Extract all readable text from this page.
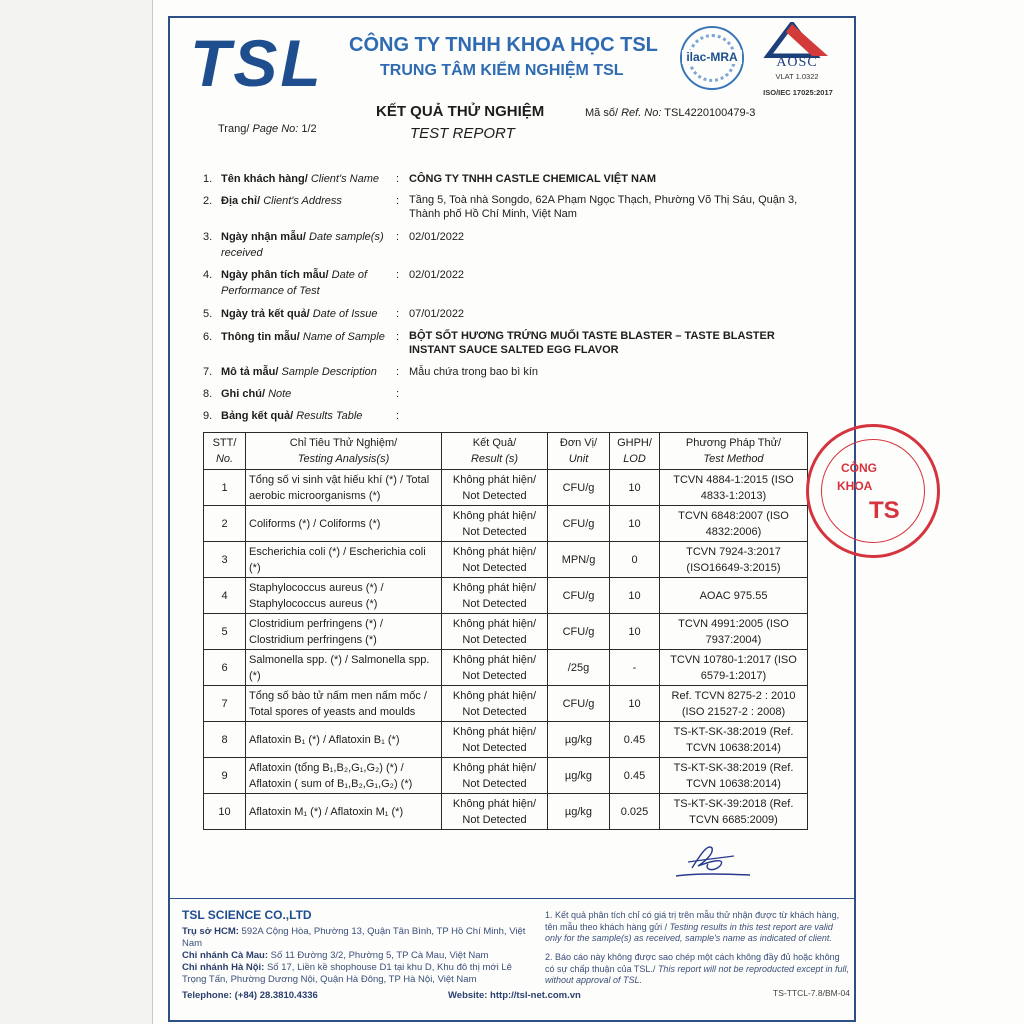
TSL CÔNG TY TNHH KHOA HỌC TSL
TRUNG TÂM KIỂM NGHIỆM TSL
ilac-MRA	AOSC
VLAT 1.0322
ISO/IEC 17025:2017
KẾT QUẢ THỬ NGHIỆM
TEST REPORT
Trang/ Page No: 1/2
Mã số/ Ref. No: TSL4220100479-3
1. Tên khách hàng/ Client's Name	: CÔNG TY TNHH CASTLE CHEMICAL VIỆT NAM
2. Địa chỉ/ Client's Address	: Tầng 5, Toà nhà Songdo, 62A Phạm Ngọc Thạch, Phường Võ Thị Sáu, Quận 3, Thành phố Hồ Chí Minh, Việt Nam
3. Ngày nhận mẫu/ Date sample(s) received
: 02/01/2022
4. Ngày phân tích mẫu/ Date of Performance of Test
: 02/01/2022
5. Ngày trả kết quả/ Date of Issue	: 07/01/2022
6. Thông tin mẫu/ Name of Sample	: BỘT SỐT HƯƠNG TRỨNG MUỐI TASTE BLASTER – TASTE BLASTER INSTANT SAUCE SALTED EGG FLAVOR
7. Mô tả mẫu/ Sample Description	: Mẫu chứa trong bao bì kín
8. Ghi chú/ Note	:
9. Bảng kết quả/ Results Table	:
STT/
No.	Chỉ Tiêu Thử Nghiệm/
Testing Analysis(s)	Kết Quả/
Result (s)	Đơn Vị/
Unit	GHPH/
LOD	Phương Pháp Thử/
Test Method
1	Tổng số vi sinh vật hiếu khí (*) / Total aerobic microorganisms (*)	Không phát hiện/
Not Detected	CFU/g	10	TCVN 4884-1:2015 (ISO 4833-1:2013)
2	Coliforms (*) / Coliforms (*)	Không phát hiện/
Not Detected	CFU/g	10	TCVN 6848:2007 (ISO 4832:2006)
3	Escherichia coli (*) / Escherichia coli (*)	Không phát hiện/
Not Detected	MPN/g	0	TCVN 7924-3:2017 (ISO16649-3:2015)
4	Staphylococcus aureus (*) / Staphylococcus aureus (*)	Không phát hiện/
Not Detected	CFU/g	10	AOAC 975.55
5	Clostridium perfringens (*) / Clostridium perfringens (*)	Không phát hiện/
Not Detected	CFU/g	10	TCVN 4991:2005 (ISO 7937:2004)
6	Salmonella spp. (*) / Salmonella spp. (*)	Không phát hiện/
Not Detected	/25g	-	TCVN 10780-1:2017 (ISO 6579-1:2017)
7	Tổng số bào tử nấm men nấm mốc / Total spores of yeasts and moulds	Không phát hiện/
Not Detected	CFU/g	10	Ref. TCVN 8275-2 : 2010 (ISO 21527-2 : 2008)
8	Aflatoxin B₁ (*) / Aflatoxin B₁ (*)	Không phát hiện/
Not Detected	µg/kg	0.45	TS-KT-SK-38:2019 (Ref. TCVN 10638:2014)
9	Aflatoxin (tổng B₁,B₂,G₁,G₂) (*) / Aflatoxin ( sum of B₁,B₂,G₁,G₂) (*)	Không phát hiện/
Not Detected	µg/kg	0.45	TS-KT-SK-38:2019 (Ref. TCVN 10638:2014)
10	Aflatoxin M₁ (*) / Aflatoxin M₁ (*)	Không phát hiện/
Not Detected	µg/kg	0.025	TS-KT-SK-39:2018 (Ref. TCVN 6685:2009)
CÔNG
KHOA
TS
TSL SCIENCE CO.,LTD
Trụ sở HCM: 592A Cộng Hòa, Phường 13, Quận Tân Bình, TP Hồ Chí Minh, Việt Nam
Chi nhánh Cà Mau: Số 11 Đường 3/2, Phường 5, TP Cà Mau, Việt Nam
Chi nhánh Hà Nội: Số 17, Liền kề shophouse D1 tại khu D, Khu đô thị mới Lê Trọng Tấn, Phường Dương Nội, Quận Hà Đông, TP Hà Nội, Việt Nam
Telephone: (+84) 28.3810.4336	Website: http://tsl-net.com.vn
1. Kết quả phân tích chỉ có giá trị trên mẫu thử nhận được từ khách hàng, tên mẫu theo khách hàng gửi / Testing results in this test report are valid only for the sample(s) as received, sample's name as indicated of client.
2. Báo cáo này không được sao chép một cách không đầy đủ hoặc không có sự chấp thuận của TSL./ This report will not be reproducted except in full, without approval of TSL.
TS-TTCL-7.8/BM-04
